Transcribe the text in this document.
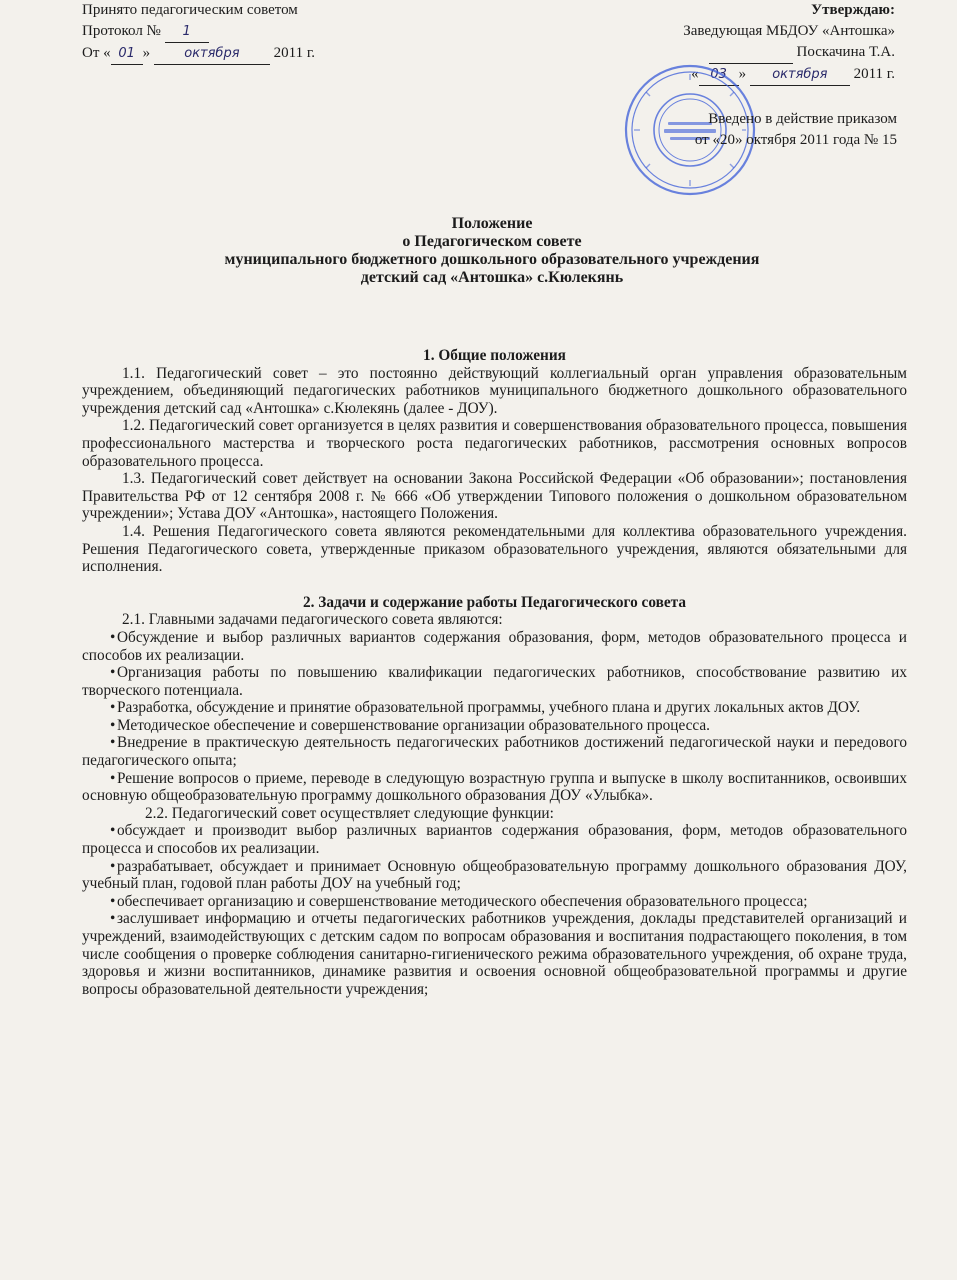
Принято педагогическим советом
Протокол № 1
От « 01 »	октября 2011 г.
Утверждаю:
Заведующая МБДОУ «Антошка»
Поскачина Т.А.
« 03 » октября 2011 г.
Введено в действие приказом
от «20» октября 2011 года № 15
Положение
о Педагогическом совете
муниципального бюджетного дошкольного образовательного учреждения
детский сад «Антошка» с.Кюлекянь

1. Общие положения

1.1. Педагогический совет – это постоянно действующий коллегиальный орган управления образовательным учреждением, объединяющий педагогических работников муниципального бюджетного дошкольного образовательного учреждения детский сад «Антошка» с.Кюлекянь (далее - ДОУ).

1.2. Педагогический совет организуется в целях развития и совершенствования образовательного процесса, повышения профессионального мастерства и творческого роста педагогических работников, рассмотрения основных вопросов образовательного процесса.

1.3. Педагогический совет действует на основании Закона Российской Федерации «Об образовании»; постановления Правительства РФ от 12 сентября 2008 г. № 666 «Об утверждении Типового положения о дошкольном образовательном учреждении»; Устава ДОУ «Антошка», настоящего Положения.

1.4. Решения Педагогического совета являются рекомендательными для коллектива образовательного учреждения. Решения Педагогического совета, утвержденные приказом образовательного учреждения, являются обязательными для исполнения.

2. Задачи и содержание работы Педагогического совета

2.1. Главными задачами педагогического совета являются:

• Обсуждение и выбор различных вариантов содержания образования, форм, методов образовательного процесса и способов их реализации.
• Организация работы по повышению квалификации педагогических работников, способствование развитию их творческого потенциала.
• Разработка, обсуждение и принятие образовательной программы, учебного плана и других локальных актов ДОУ.
• Методическое обеспечение и совершенствование организации образовательного процесса.
• Внедрение в практическую деятельность педагогических работников достижений педагогической науки и передового педагогического опыта;
• Решение вопросов о приеме, переводе в следующую возрастную группа и выпуске в школу воспитанников, освоивших основную общеобразовательную программу дошкольного образования ДОУ «Улыбка».

2.2. Педагогический совет осуществляет следующие функции:

• обсуждает и производит выбор различных вариантов содержания образования, форм, методов образовательного процесса и способов их реализации.
• разрабатывает, обсуждает и принимает Основную общеобразовательную программу дошкольного образования ДОУ, учебный план, годовой план работы ДОУ на учебный год;
• обеспечивает организацию и совершенствование методического обеспечения образовательного процесса;
• заслушивает информацию и отчеты педагогических работников учреждения, доклады представителей организаций и учреждений, взаимодействующих с детским садом по вопросам образования и воспитания подрастающего поколения, в том числе сообщения о проверке соблюдения санитарно-гигиенического режима образовательного учреждения, об охране труда, здоровья и жизни воспитанников, динамике развития и освоения основной общеобразовательной программы и другие вопросы образовательной деятельности учреждения;
